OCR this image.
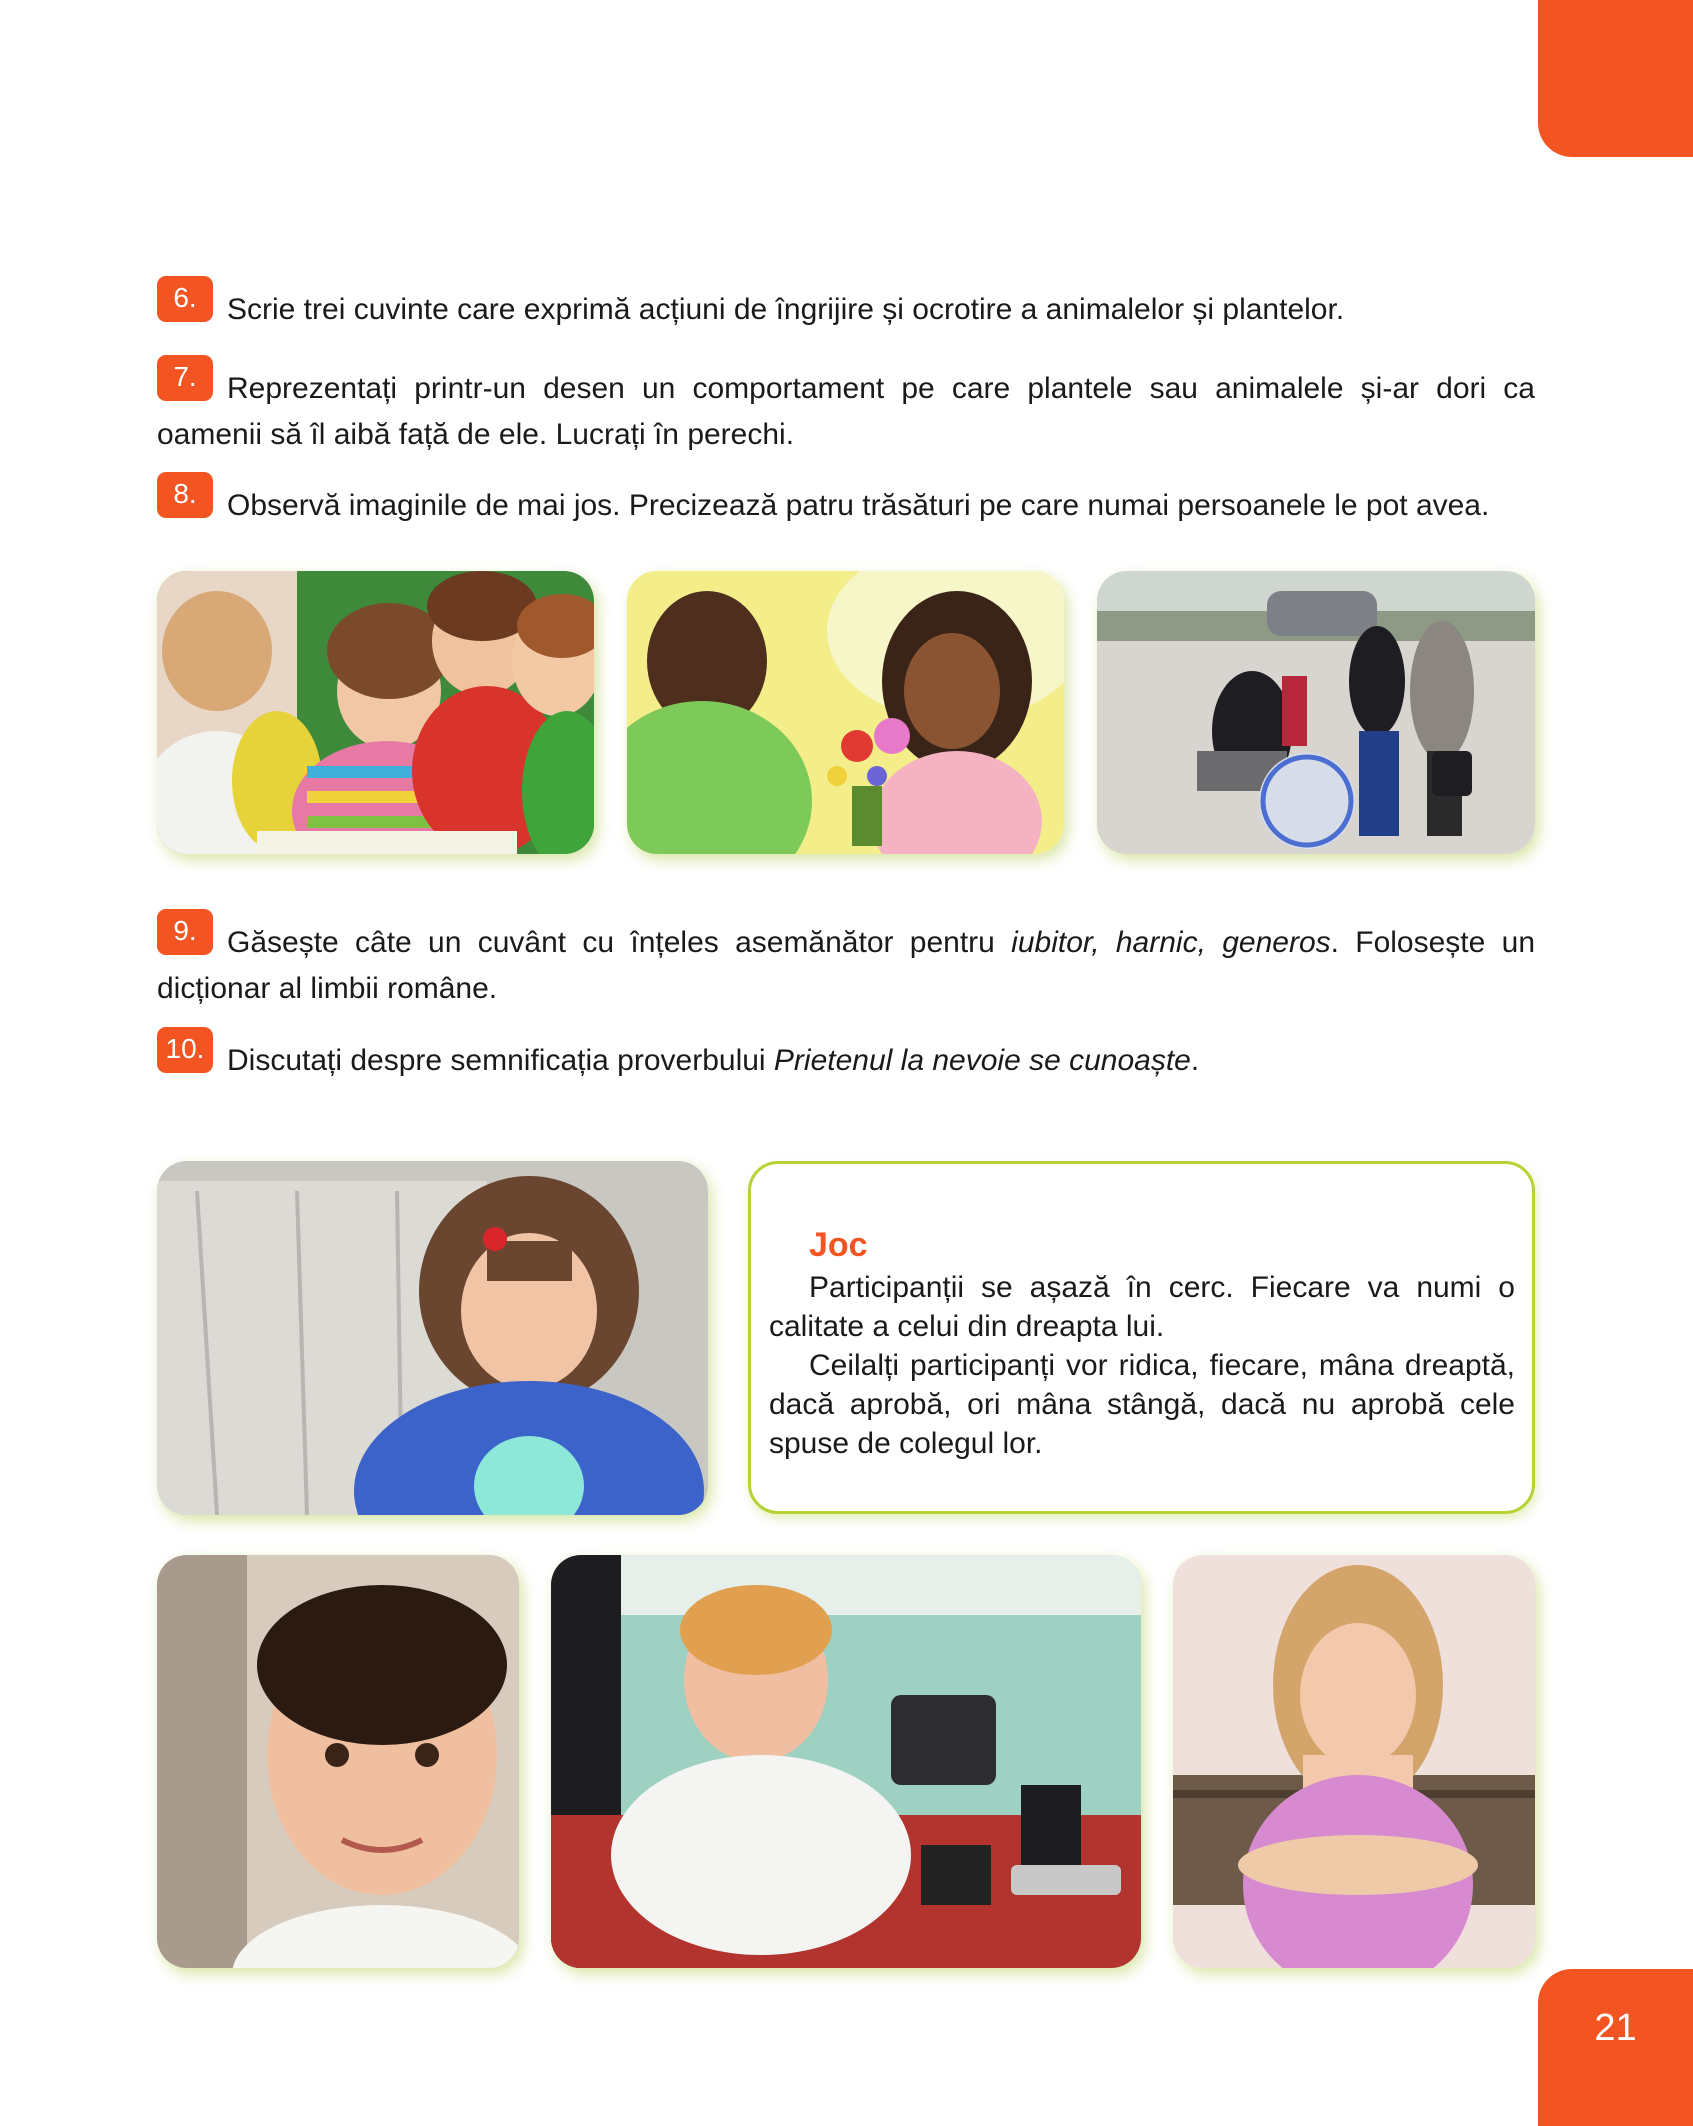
6. Scrie trei cuvinte care exprimă acțiuni de îngrijire și ocrotire a animalelor și plantelor.
7. Reprezentați printr-un desen un comportament pe care plantele sau animalele și-ar dori ca oamenii să îl aibă față de ele. Lucrați în perechi.
8. Observă imaginile de mai jos. Precizează patru trăsături pe care numai persoanele le pot avea.
9. Găsește câte un cuvânt cu înțeles asemănător pentru iubitor, harnic, generos. Folosește un dicționar al limbii române.
10. Discutați despre semnificația proverbului Prietenul la nevoie se cunoaște.
Joc

Participanții se așază în cerc. Fiecare va numi o calitate a celui din dreapta lui.

Ceilalți participanți vor ridica, fiecare, mâna dreaptă, dacă aprobă, ori mâna stângă, dacă nu aprobă cele spuse de colegul lor.

21
